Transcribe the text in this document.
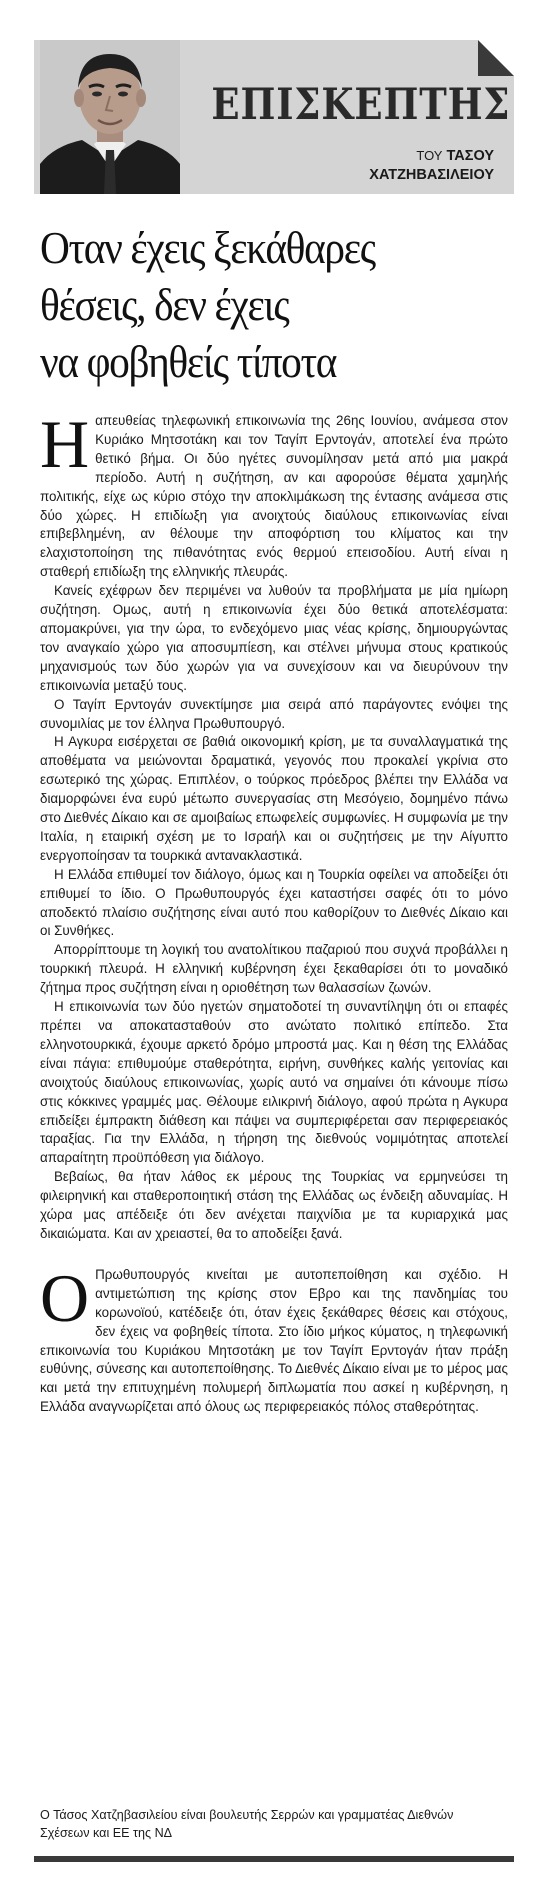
ΕΠΙΣΚΕΠΤΗΣ
ΤΟΥ ΤΑΣΟΥ
ΧΑΤΖΗΒΑΣΙΛΕΙΟΥ
Οταν έχεις ξεκάθαρες
θέσεις, δεν έχεις
να φοβηθείς τίποτα

Ηαπευθείας τηλεφωνική επικοινωνία της 26ης Ιουνίου, ανάμεσα στον Κυριάκο Μητσοτάκη και τον Ταγίπ Ερντογάν, αποτελεί ένα πρώτο θετικό βήμα. Οι δύο ηγέτες συνομίλησαν μετά από μια μακρά περίοδο. Αυτή η συζήτηση, αν και αφορούσε θέματα χαμηλής πολιτικής, είχε ως κύριο στόχο την αποκλιμάκωση της έντασης ανάμεσα στις δύο χώρες. Η επιδίωξη για ανοιχτούς διαύλους επικοινωνίας είναι επιβεβλημένη, αν θέλουμε την αποφόρτιση του κλίματος και την ελαχιστοποίηση της πιθανότητας ενός θερμού επεισοδίου. Αυτή είναι η σταθερή επιδίωξη της ελληνικής πλευράς.

Κανείς εχέφρων δεν περιμένει να λυθούν τα προβλήματα με μία ημίωρη συζήτηση. Ομως, αυτή η επικοινωνία έχει δύο θετικά αποτελέσματα: απομακρύνει, για την ώρα, το ενδεχόμενο μιας νέας κρίσης, δημιουργώντας τον αναγκαίο χώρο για αποσυμπίεση, και στέλνει μήνυμα στους κρατικούς μηχανισμούς των δύο χωρών για να συνεχίσουν και να διευρύνουν την επικοινωνία μεταξύ τους.

Ο Ταγίπ Ερντογάν συνεκτίμησε μια σειρά από παράγοντες ενόψει της συνομιλίας με τον έλληνα Πρωθυπουργό.

Η Αγκυρα εισέρχεται σε βαθιά οικονομική κρίση, με τα συναλλαγματικά της αποθέματα να μειώνονται δραματικά, γεγονός που προκαλεί γκρίνια στο εσωτερικό της χώρας. Επιπλέον, ο τούρκος πρόεδρος βλέπει την Ελλάδα να διαμορφώνει ένα ευρύ μέτωπο συνεργασίας στη Μεσόγειο, δομημένο πάνω στο Διεθνές Δίκαιο και σε αμοιβαίως επωφελείς συμφωνίες. Η συμφωνία με την Ιταλία, η εταιρική σχέση με το Ισραήλ και οι συζητήσεις με την Αίγυπτο ενεργοποίησαν τα τουρκικά αντανακλαστικά.

Η Ελλάδα επιθυμεί τον διάλογο, όμως και η Τουρκία οφείλει να αποδείξει ότι επιθυμεί το ίδιο. Ο Πρωθυπουργός έχει καταστήσει σαφές ότι το μόνο αποδεκτό πλαίσιο συζήτησης είναι αυτό που καθορίζουν το Διεθνές Δίκαιο και οι Συνθήκες.

Απορρίπτουμε τη λογική του ανατολίτικου παζαριού που συχνά προβάλλει η τουρκική πλευρά. Η ελληνική κυβέρνηση έχει ξεκαθαρίσει ότι το μοναδικό ζήτημα προς συζήτηση είναι η οριοθέτηση των θαλασσίων ζωνών.

Η επικοινωνία των δύο ηγετών σηματοδοτεί τη συναντίληψη ότι οι επαφές πρέπει να αποκατασταθούν στο ανώτατο πολιτικό επίπεδο. Στα ελληνοτουρκικά, έχουμε αρκετό δρόμο μπροστά μας. Και η θέση της Ελλάδας είναι πάγια: επιθυμούμε σταθερότητα, ειρήνη, συνθήκες καλής γειτονίας και ανοιχτούς διαύλους επικοινωνίας, χωρίς αυτό να σημαίνει ότι κάνουμε πίσω στις κόκκινες γραμμές μας. Θέλουμε ειλικρινή διάλογο, αφού πρώτα η Αγκυρα επιδείξει έμπρακτη διάθεση και πάψει να συμπεριφέρεται σαν περιφερειακός ταραξίας. Για την Ελλάδα, η τήρηση της διεθνούς νομιμότητας αποτελεί απαραίτητη προϋπόθεση για διάλογο.

Βεβαίως, θα ήταν λάθος εκ μέρους της Τουρκίας να ερμηνεύσει τη φιλειρηνική και σταθεροποιητική στάση της Ελλάδας ως ένδειξη αδυναμίας. Η χώρα μας απέδειξε ότι δεν ανέχεται παιχνίδια με τα κυριαρχικά μας δικαιώματα. Και αν χρειαστεί, θα το αποδείξει ξανά.

Ο Πρωθυπουργός κινείται με αυτοπεποίθηση και σχέδιο. Η αντιμετώπιση της κρίσης στον Εβρο και της πανδημίας του κορωνοϊού, κατέδειξε ότι, όταν έχεις ξεκάθαρες θέσεις και στόχους, δεν έχεις να φοβηθείς τίποτα. Στο ίδιο μήκος κύματος, η τηλεφωνική επικοινωνία του Κυριάκου Μητσοτάκη με τον Ταγίπ Ερντογάν ήταν πράξη ευθύνης, σύνεσης και αυτοπεποίθησης. Το Διεθνές Δίκαιο είναι με το μέρος μας και μετά την επιτυχημένη πολυμερή διπλωματία που ασκεί η κυβέρνηση, η Ελλάδα αναγνωρίζεται από όλους ως περιφερειακός πόλος σταθερότητας.

Ο Τάσος Χατζηβασιλείου είναι βουλευτής Σερρών και γραμματέας Διεθνών Σχέσεων και ΕΕ της ΝΔ
